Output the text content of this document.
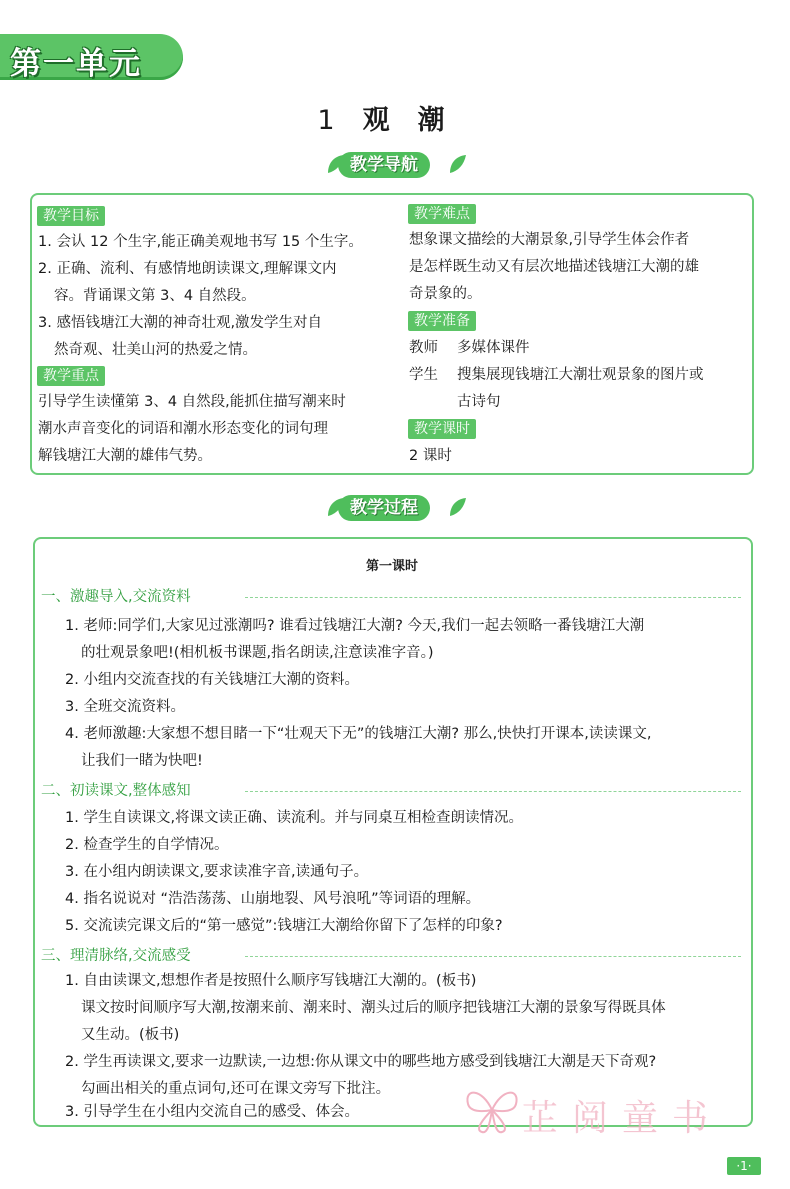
第一单元
1 观潮
教学导航
教学目标
1. 会认 12 个生字,能正确美观地书写 15 个生字。
2. 正确、流利、有感情地朗读课文,理解课文内
容。背诵课文第 3、4 自然段。
3. 感悟钱塘江大潮的神奇壮观,激发学生对自
然奇观、壮美山河的热爱之情。
教学重点
引导学生读懂第 3、4 自然段,能抓住描写潮来时
潮水声音变化的词语和潮水形态变化的词句理
解钱塘江大潮的雄伟气势。
教学难点
想象课文描绘的大潮景象,引导学生体会作者
是怎样既生动又有层次地描述钱塘江大潮的雄
奇景象的。
教学准备
教师 多媒体课件
学生 搜集展现钱塘江大潮壮观景象的图片或
古诗句
教学课时
2 课时
教学过程
第一课时
一、激趣导入,交流资料
1. 老师:同学们,大家见过涨潮吗? 谁看过钱塘江大潮? 今天,我们一起去领略一番钱塘江大潮
的壮观景象吧!(相机板书课题,指名朗读,注意读准字音。)
2. 小组内交流查找的有关钱塘江大潮的资料。
3. 全班交流资料。
4. 老师激趣:大家想不想目睹一下“壮观天下无”的钱塘江大潮? 那么,快快打开课本,读读课文,
让我们一睹为快吧!
二、初读课文,整体感知
1. 学生自读课文,将课文读正确、读流利。并与同桌互相检查朗读情况。
2. 检查学生的自学情况。
3. 在小组内朗读课文,要求读准字音,读通句子。
4. 指名说说对 “浩浩荡荡、山崩地裂、风号浪吼”等词语的理解。
5. 交流读完课文后的“第一感觉”:钱塘江大潮给你留下了怎样的印象?
三、理清脉络,交流感受
1. 自由读课文,想想作者是按照什么顺序写钱塘江大潮的。(板书)
课文按时间顺序写大潮,按潮来前、潮来时、潮头过后的顺序把钱塘江大潮的景象写得既具体
又生动。(板书)
2. 学生再读课文,要求一边默读,一边想:你从课文中的哪些地方感受到钱塘江大潮是天下奇观?
勾画出相关的重点词句,还可在课文旁写下批注。
3. 引导学生在小组内交流自己的感受、体会。	芷阅童书
·1·
